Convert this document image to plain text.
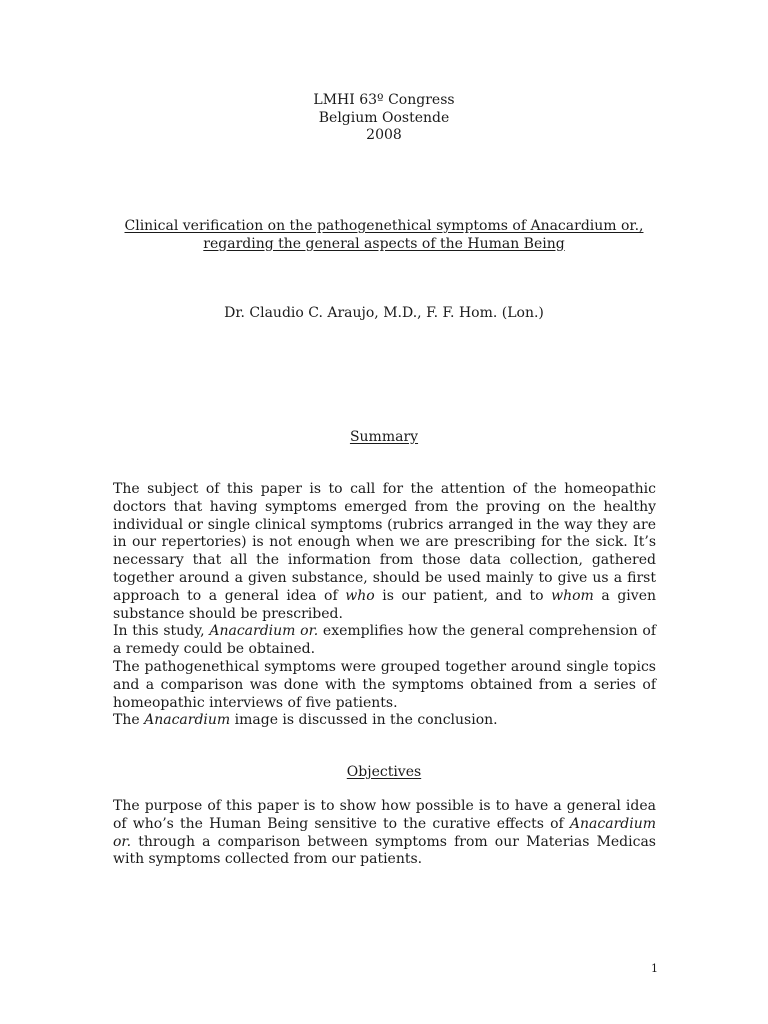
LMHI 63º Congress
Belgium Oostende
2008
Clinical verification on the pathogenethical symptoms of Anacardium or.,
regarding the general aspects of the Human Being
Dr. Claudio C. Araujo, M.D., F. F. Hom. (Lon.)
Summary

The subject of this paper is to call for the attention of the homeopathic doctors that having symptoms emerged from the proving on the healthy individual or single clinical symptoms (rubrics arranged in the way they are in our repertories) is not enough when we are prescribing for the sick. It’s necessary that all the information from those data collection, gathered together around a given substance, should be used mainly to give us a first approach to a general idea of who is our patient, and to whom a given substance should be prescribed.

In this study, Anacardium or. exemplifies how the general comprehension of a remedy could be obtained.

The pathogenethical symptoms were grouped together around single topics and a comparison was done with the symptoms obtained from a series of homeopathic interviews of five patients.

The Anacardium image is discussed in the conclusion.

Objectives

The purpose of this paper is to show how possible is to have a general idea of who’s the Human Being sensitive to the curative effects of Anacardium or. through a comparison between symptoms from our Materias Medicas with symptoms collected from our patients.

1
